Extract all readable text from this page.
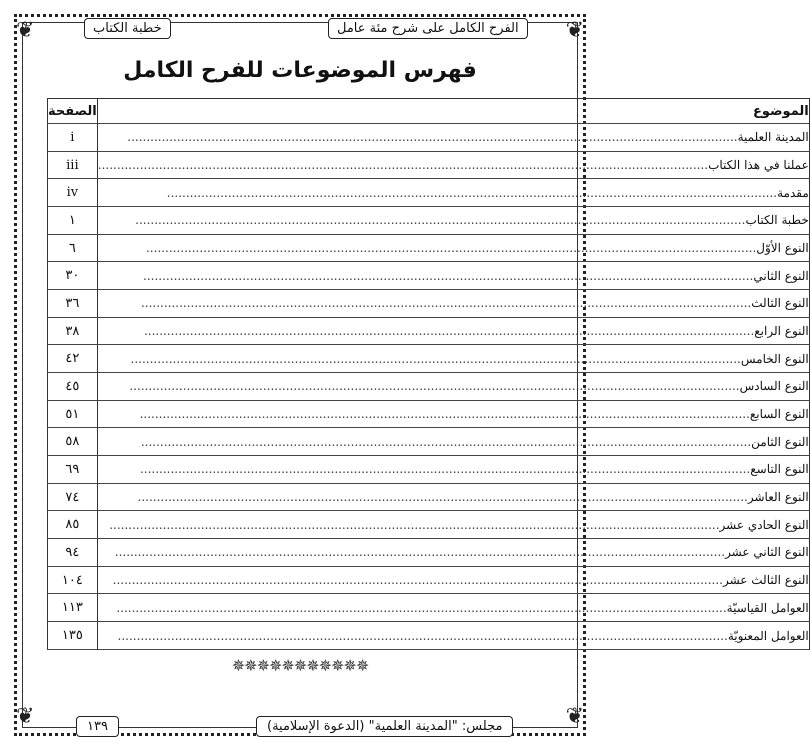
❦	❦
❦	❦
الفرح الكامل على شرح مئة عامل
خطبة الكتاب
فهرس الموضوعات للفرح الكامل
الموضوع	الصفحة
المدينة العلمية................................................................................................................................................................	i
عملنا في هذا الكتاب................................................................................................................................................................	iii
مقدمة................................................................................................................................................................	iv
خطبة الكتاب................................................................................................................................................................	١
النوع الأوّل................................................................................................................................................................	٦
النوع الثاني................................................................................................................................................................	٣٠
النوع الثالث................................................................................................................................................................	٣٦
النوع الرابع................................................................................................................................................................	٣٨
النوع الخامس................................................................................................................................................................	٤٢
النوع السادس................................................................................................................................................................	٤٥
النوع السابع................................................................................................................................................................	٥١
النوع الثامن................................................................................................................................................................	٥٨
النوع التاسع................................................................................................................................................................	٦٩
النوع العاشر................................................................................................................................................................	٧٤
النوع الحادي عشر................................................................................................................................................................	٨٥
النوع الثاني عشر................................................................................................................................................................	٩٤
النوع الثالث عشر................................................................................................................................................................	١٠٤
العوامل القياسيّة................................................................................................................................................................	١١٣
العوامل المعنويّة................................................................................................................................................................	١٣٥
✵✵✵✵✵✵✵✵✵✵✵
مجلس: "المدينة العلمية" (الدعوة الإسلامية)
١٣٩
